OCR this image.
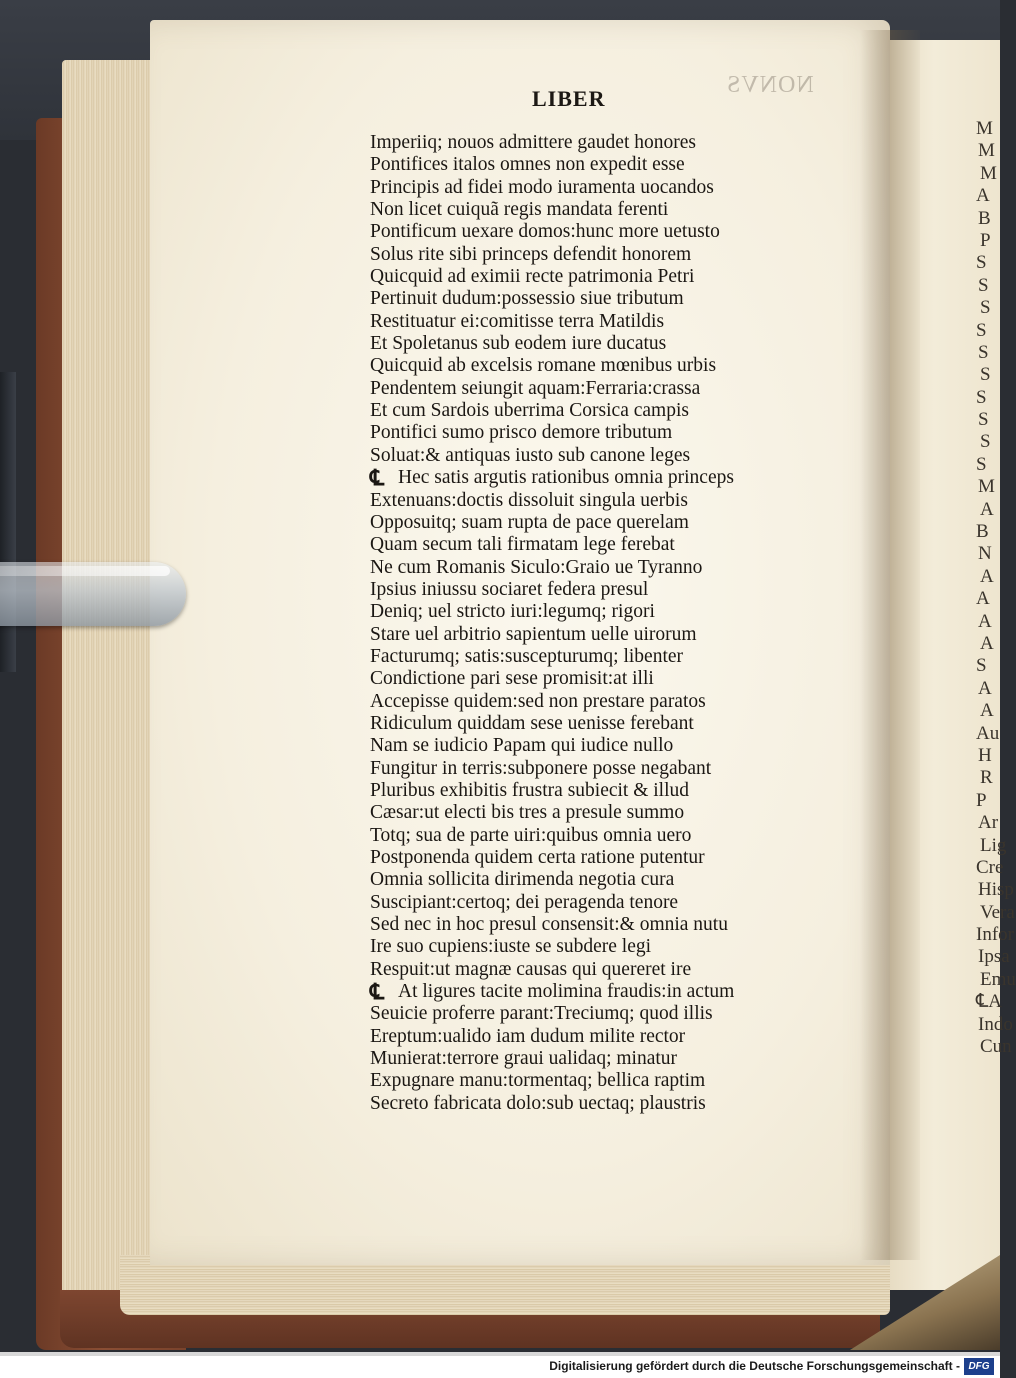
NONVS
M
M
M
A
B
P
S
S
S
S
S
S
S
S
S
S
M
A
B
N
A
A
A
A
S
A
A
Au
H
R
P
Ar
Lig
Cre
Hisp
Vera
Infor
Ipsa
Emu
℄A
Indo
Cun
LIBER
Imperiiq; nouos admittere gaudet honores
Pontifices italos omnes non expedit esse
Principis ad fidei modo iuramenta uocandos
Non licet cuiquã regis mandata ferenti
Pontificum uexare domos:hunc more uetusto
Solus rite sibi princeps defendit honorem
Quicquid ad eximii recte patrimonia Petri
Pertinuit dudum:possessio siue tributum
Restituatur ei:comitisse terra Matildis
Et Spoletanus sub eodem iure ducatus
Quicquid ab excelsis romane mœnibus urbis
Pendentem seiungit aquam:Ferraria:crassa
Et cum Sardois uberrima Corsica campis
Pontifici sumo prisco demore tributum
Soluat:& antiquas iusto sub canone leges
℄ Hec satis argutis rationibus omnia princeps
Extenuans:doctis dissoluit singula uerbis
Opposuitq; suam rupta de pace querelam
Quam secum tali firmatam lege ferebat
Ne cum Romanis Siculo:Graio ue Tyranno
Ipsius iniussu sociaret federa presul
Deniq; uel stricto iuri:legumq; rigori
Stare uel arbitrio sapientum uelle uirorum
Facturumq; satis:suscepturumq; libenter
Condictione pari sese promisit:at illi
Accepisse quidem:sed non prestare paratos
Ridiculum quiddam sese uenisse ferebant
Nam se iudicio Papam qui iudice nullo
Fungitur in terris:subponere posse negabant
Pluribus exhibitis frustra subiecit & illud
Cæsar:ut electi bis tres a presule summo
Totq; sua de parte uiri:quibus omnia uero
Postponenda quidem certa ratione putentur
Omnia sollicita dirimenda negotia cura
Suscipiant:certoq; dei peragenda tenore
Sed nec in hoc presul consensit:& omnia nutu
Ire suo cupiens:iuste se subdere legi
Respuit:ut magnæ causas qui quereret ire
℄ At ligures tacite molimina fraudis:in actum
Seuicie proferre parant:Treciumq; quod illis
Ereptum:ualido iam dudum milite rector
Munierat:terrore graui ualidaq; minatur
Expugnare manu:tormentaq; bellica raptim
Secreto fabricata dolo:sub uectaq; plaustris
Digitalisierung gefördert durch die Deutsche Forschungsgemeinschaft - DFG
